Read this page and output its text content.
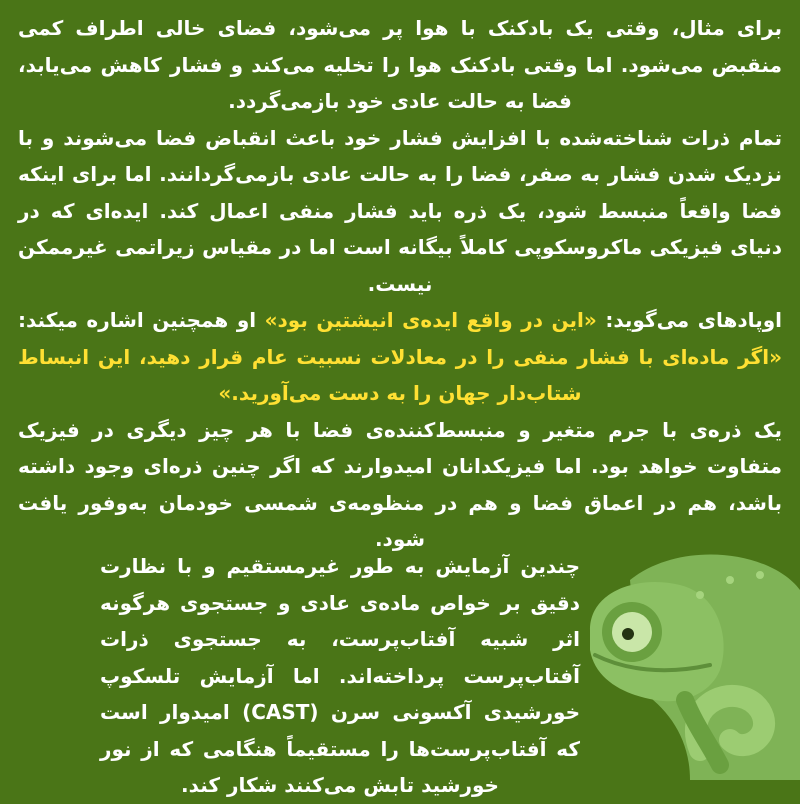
برای مثال، وقتی یک بادکنک با هوا پر می‌شود، فضای خالی اطراف کمی منقبض می‌شود. اما وقتی بادکنک هوا را تخلیه می‌کند و فشار کاهش می‌یابد، فضا به حالت عادی خود بازمی‌گردد.

تمام ذرات شناخته‌شده با افزایش فشار خود باعث انقباض فضا می‌شوند و با نزدیک شدن فشار به صفر، فضا را به حالت عادی بازمی‌گردانند. اما برای اینکه فضا واقعاً منبسط شود، یک ذره باید فشار منفی اعمال کند. ایده‌ای که در دنیای فیزیکی ماکروسکوپی کاملاً بیگانه است اما در مقیاس زیراتمی غیرممکن نیست.

اوپادهای می‌گوید: «این در واقع ایده‌ی انیشتین بود» او همچنین اشاره میکند: «اگر ماده‌ای با فشار منفی را در معادلات نسبیت عام قرار دهید، این انبساط شتاب‌دار جهان را به دست می‌آورید.»

یک ذره‌ی با جرم متغیر و منبسط‌کننده‌ی فضا با هر چیز دیگری در فیزیک متفاوت خواهد بود. اما فیزیکدانان امیدوارند که اگر چنین ذره‌ای وجود داشته باشد، هم در اعماق فضا و هم در منظومه‌ی شمسی خودمان به‌وفور یافت شود.

چندین آزمایش به طور غیرمستقیم و با نظارت دقیق بر خواص ماده‌ی عادی و جستجوی هرگونه اثر شبیه آفتاب‌پرست، به جستجوی ذرات آفتاب‌پرست پرداخته‌اند. اما آزمایش تلسکوپ خورشیدی آکسونی سرن (CAST) امیدوار است که آفتاب‌پرست‌ها را مستقیماً هنگامی که از نور خورشید تابش می‌کنند شکار کند.
